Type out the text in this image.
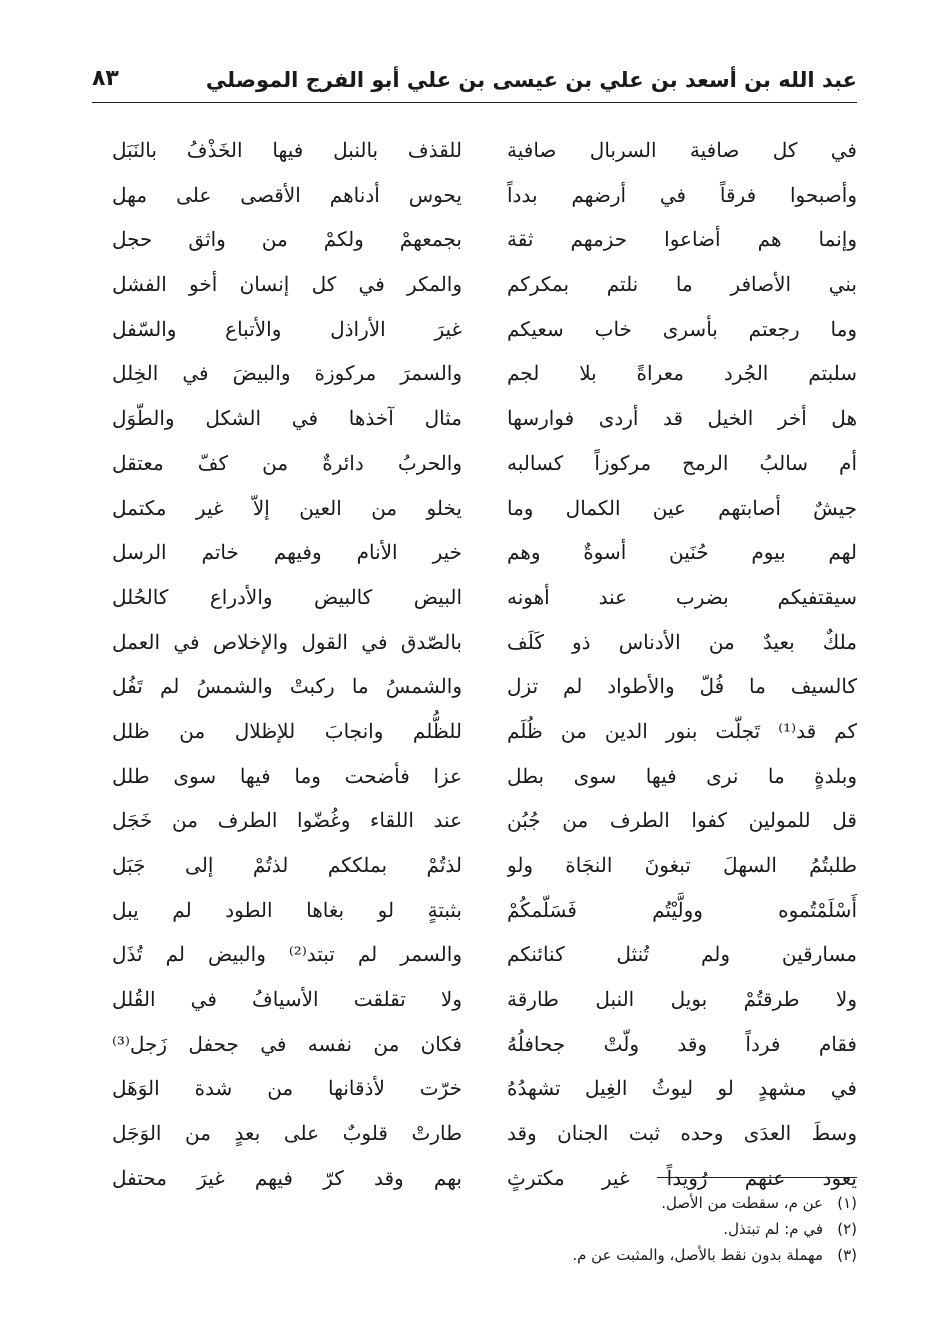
عبد الله بن أسعد بن علي بن عيسى بن علي أبو الفرج الموصلي
٨٣
في كل صافية السربال صافية
وأصبحوا فرقاً في أرضهم بدداً
وإنما هم أضاعوا حزمهم ثقة
بني الأصافر ما نلتم بمكركم
وما رجعتم بأسرى خاب سعيكم
سلبتم الجُرد معراةً بلا لجم
هل أخر الخيل قد أردى فوارسها
أم سالبُ الرمح مركوزاً كسالبه
جيشٌ أصابتهم عين الكمال وما
لهم بيوم حُنَين أسوةٌ وهم
سيقتفيكم بضرب عند أهونه
ملكٌ بعيدٌ من الأدناس ذو كَلَف
كالسيف ما فُلّ والأطواد لم تزل
كم قد⁽¹⁾ تَجلّت بنور الدين من ظُلَم
وبلدةٍ ما نرى فيها سوى بطل
قل للمولين كفوا الطرف من جُبُن
طلبتُمُ السهلَ تبغونَ النجَاة ولو
أَسْلَمْتُموه وولَّيْتُم فَسَلّمكُمْ
مسارقين ولم تُنثل كنائنكم
ولا طرقتُمْ بويل النبل طارقة
فقام فرداً وقد ولّتْ جحافلُهُ
في مشهدٍ لو ليوثُ الغِيل تشهدُهُ
وسطَ العدَى وحده ثبت الجنان وقد
يعود عنهم رُويداً غير مكترثٍ
للقذف بالنبل فيها الخَذْفُ بالنَبَل
يحوس أدناهم الأقصى على مهل
بجمعهمْ ولكمْ من واثق حجل
والمكر في كل إنسان أخو الفشل
غيرَ الأراذل والأتباع والسّفل
والسمرَ مركوزة والبيضَ في الخِلل
مثال آخذها في الشكل والطّوَل
والحربُ دائرةٌ من كفّ معتقل
يخلو من العين إلاّ غير مكتمل
خير الأنام وفيهم خاتم الرسل
البيض كالبيض والأدراع كالحُلل
بالصّدق في القول والإخلاص في العمل
والشمسُ ما ركبتْ والشمسُ لم تَفُل
للظُّلم وانجابَ للإظلال من ظلل
عزا فأضحت وما فيها سوى طلل
عند اللقاء وغُضّوا الطرف من خَجَل
لذتُمْ بملككم لذتُمْ إلى جَبَل
بثبتةٍ لو بغاها الطود لم يبل
والسمر لم تبتد⁽²⁾ والبيض لم تُذَل
ولا تقلقت الأسيافُ في القُلل
فكان من نفسه في جحفل زَجل⁽³⁾
خرّت لأذقانها من شدة الوَهَل
طارتْ قلوبٌ على بعدٍ من الوَجَل
بهم وقد كرّ فيهم غيرَ محتفل
(١)عن م، سقطت من الأصل.
(٢)في م: لم تبتذل.
(٣)مهملة بدون نقط بالأصل، والمثبت عن م.
